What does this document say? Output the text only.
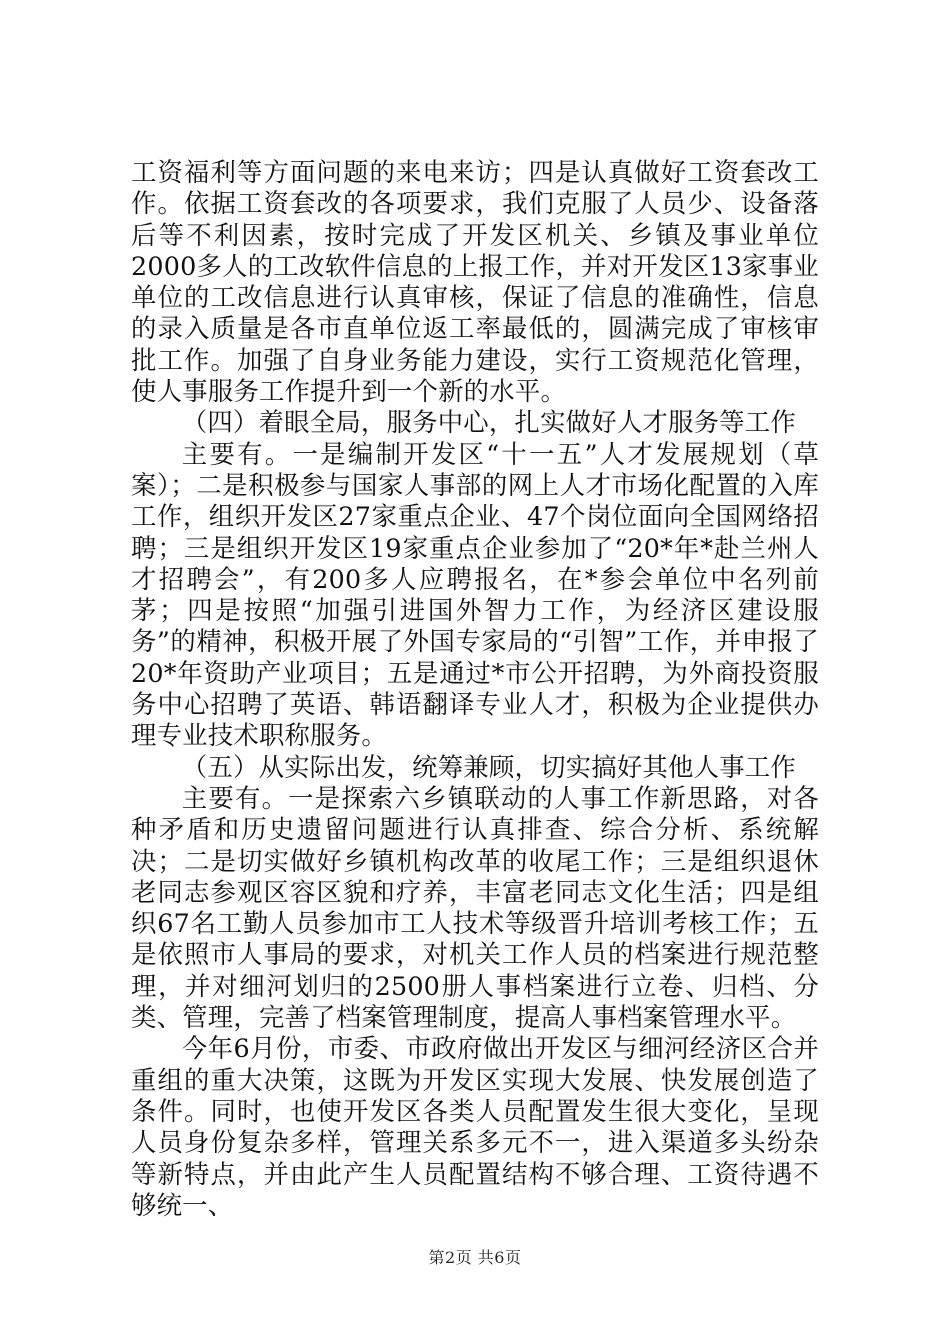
工资福利等方面问题的来电来访；四是认真做好工资套改工作。依据工资套改的各项要求，我们克服了人员少、设备落后等不利因素，按时完成了开发区机关、乡镇及事业单位2000多人的工改软件信息的上报工作，并对开发区13家事业单位的工改信息进行认真审核，保证了信息的准确性，信息的录入质量是各市直单位返工率最低的，圆满完成了审核审批工作。加强了自身业务能力建设，实行工资规范化管理，使人事服务工作提升到一个新的水平。

（四）着眼全局，服务中心，扎实做好人才服务等工作

主要有。一是编制开发区“十一五”人才发展规划（草案）；二是积极参与国家人事部的网上人才市场化配置的入库工作，组织开发区27家重点企业、47个岗位面向全国网络招聘；三是组织开发区19家重点企业参加了“20*年*赴兰州人才招聘会”，有200多人应聘报名，在*参会单位中名列前茅；四是按照“加强引进国外智力工作，为经济区建设服务”的精神，积极开展了外国专家局的“引智”工作，并申报了20*年资助产业项目；五是通过*市公开招聘，为外商投资服务中心招聘了英语、韩语翻译专业人才，积极为企业提供办理专业技术职称服务。

（五）从实际出发，统筹兼顾，切实搞好其他人事工作

主要有。一是探索六乡镇联动的人事工作新思路，对各种矛盾和历史遗留问题进行认真排查、综合分析、系统解决；二是切实做好乡镇机构改革的收尾工作；三是组织退休老同志参观区容区貌和疗养，丰富老同志文化生活；四是组织67名工勤人员参加市工人技术等级晋升培训考核工作；五是依照市人事局的要求，对机关工作人员的档案进行规范整理，并对细河划归的2500册人事档案进行立卷、归档、分类、管理，完善了档案管理制度，提高人事档案管理水平。

今年6月份，市委、市政府做出开发区与细河经济区合并重组的重大决策，这既为开发区实现大发展、快发展创造了条件。同时，也使开发区各类人员配置发生很大变化，呈现人员身份复杂多样，管理关系多元不一，进入渠道多头纷杂等新特点，并由此产生人员配置结构不够合理、工资待遇不够统一、

第2页 共6页
